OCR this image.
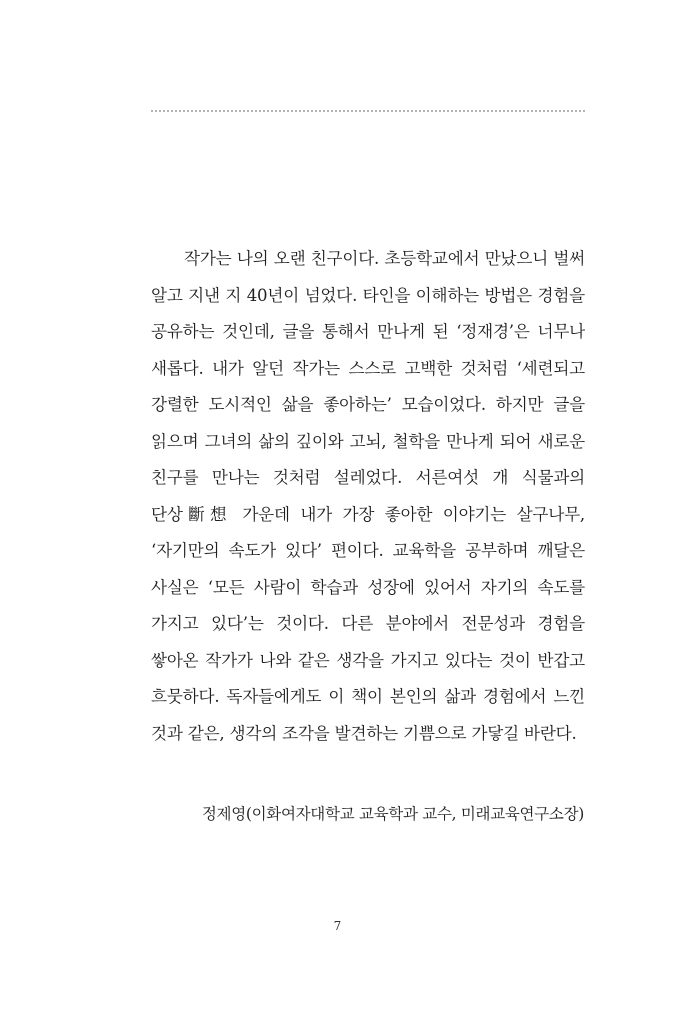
작가는 나의 오랜 친구이다. 초등학교에서 만났으니 벌써 알고 지낸 지 40년이 넘었다. 타인을 이해하는 방법은 경험을 공유하는 것인데, 글을 통해서 만나게 된 ‘정재경’은 너무나 새롭다. 내가 알던 작가는 스스로 고백한 것처럼 ‘세련되고 강렬한 도시적인 삶을 좋아하는’ 모습이었다. 하지만 글을 읽으며 그녀의 삶의 깊이와 고뇌, 철학을 만나게 되어 새로운 친구를 만나는 것처럼 설레었다. 서른여섯 개 식물과의 단상斷想 가운데 내가 가장 좋아한 이야기는 살구나무, ‘자기만의 속도가 있다’ 편이다. 교육학을 공부하며 깨달은 사실은 ‘모든 사람이 학습과 성장에 있어서 자기의 속도를 가지고 있다’는 것이다. 다른 분야에서 전문성과 경험을 쌓아온 작가가 나와 같은 생각을 가지고 있다는 것이 반갑고 흐뭇하다. 독자들에게도 이 책이 본인의 삶과 경험에서 느낀 것과 같은, 생각의 조각을 발견하는 기쁨으로 가닿길 바란다.

정제영(이화여자대학교 교육학과 교수, 미래교육연구소장)

7
